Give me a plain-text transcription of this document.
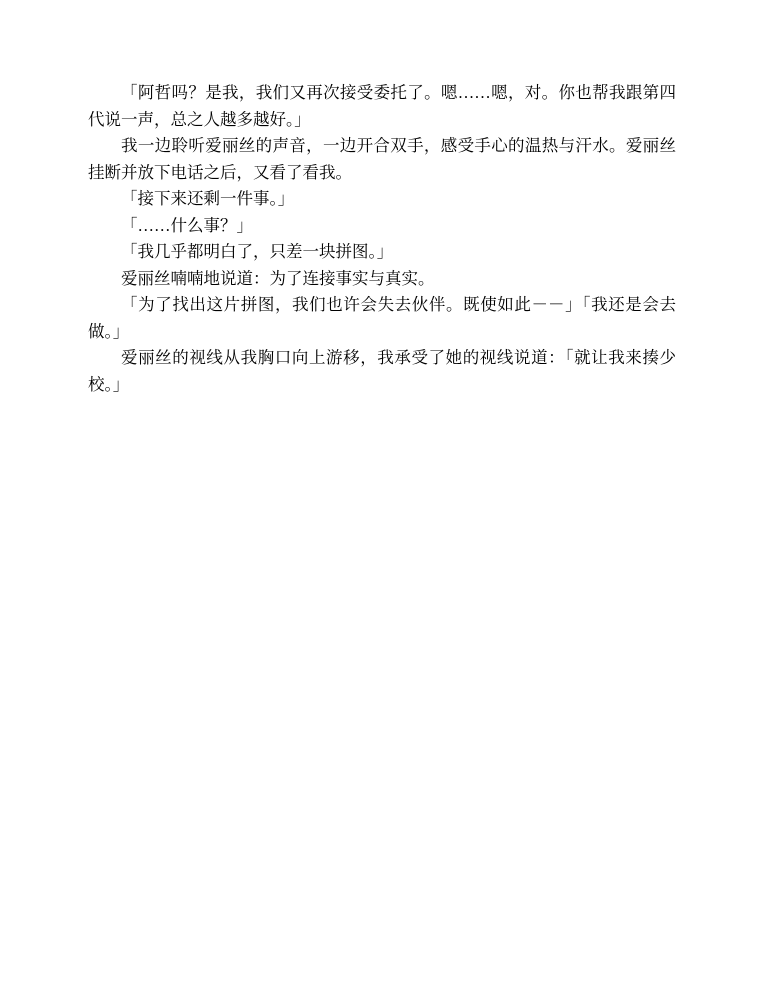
「阿哲吗？是我，我们又再次接受委托了。嗯……嗯，对。你也帮我跟第四代说一声，总之人越多越好。」

我一边聆听爱丽丝的声音，一边开合双手，感受手心的温热与汗水。爱丽丝挂断并放下电话之后，又看了看我。

「接下来还剩一件事。」

「……什么事？」

「我几乎都明白了，只差一块拼图。」

爱丽丝喃喃地说道：为了连接事实与真实。

「为了找出这片拼图，我们也许会失去伙伴。既使如此－－」「我还是会去做。」

爱丽丝的视线从我胸口向上游移，我承受了她的视线说道：「就让我来揍少校。」
